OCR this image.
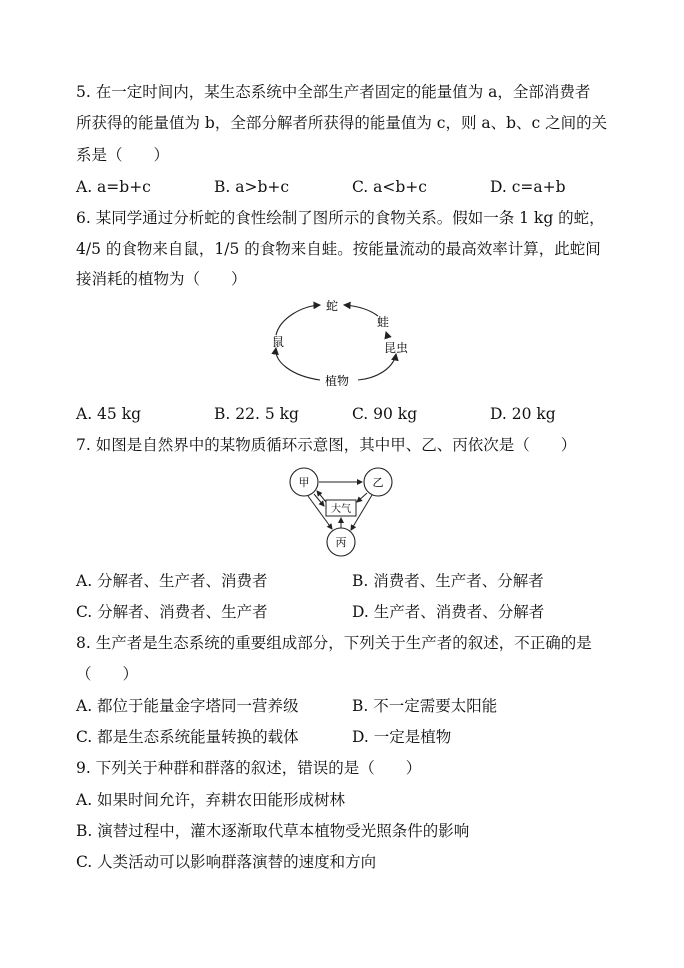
5. 在一定时间内，某生态系统中全部生产者固定的能量值为 a，全部消费者
所获得的能量值为 b，全部分解者所获得的能量值为 c，则 a、b、c 之间的关
系是（　　）
A. a=b+c	B. a>b+c	C. a<b+c	D. c=a+b
6. 某同学通过分析蛇的食性绘制了图所示的食物关系。假如一条 1 kg 的蛇，
4/5 的食物来自鼠，1/5 的食物来自蛙。按能量流动的最高效率计算，此蛇间
接消耗的植物为（　　）
蛇
蛙
鼠	昆虫
植物
A. 45 kg	B. 22. 5 kg	C. 90 kg	D. 20 kg
7. 如图是自然界中的某物质循环示意图，其中甲、乙、丙依次是（　　）
甲	乙
丙
大气
A. 分解者、生产者、消费者	B. 消费者、生产者、分解者
C. 分解者、消费者、生产者	D. 生产者、消费者、分解者
8. 生产者是生态系统的重要组成部分，下列关于生产者的叙述，不正确的是
（　　）
A. 都位于能量金字塔同一营养级	B. 不一定需要太阳能
C. 都是生态系统能量转换的载体	D. 一定是植物
9. 下列关于种群和群落的叙述，错误的是（　　）
A. 如果时间允许，弃耕农田能形成树林
B. 演替过程中，灌木逐渐取代草本植物受光照条件的影响
C. 人类活动可以影响群落演替的速度和方向
